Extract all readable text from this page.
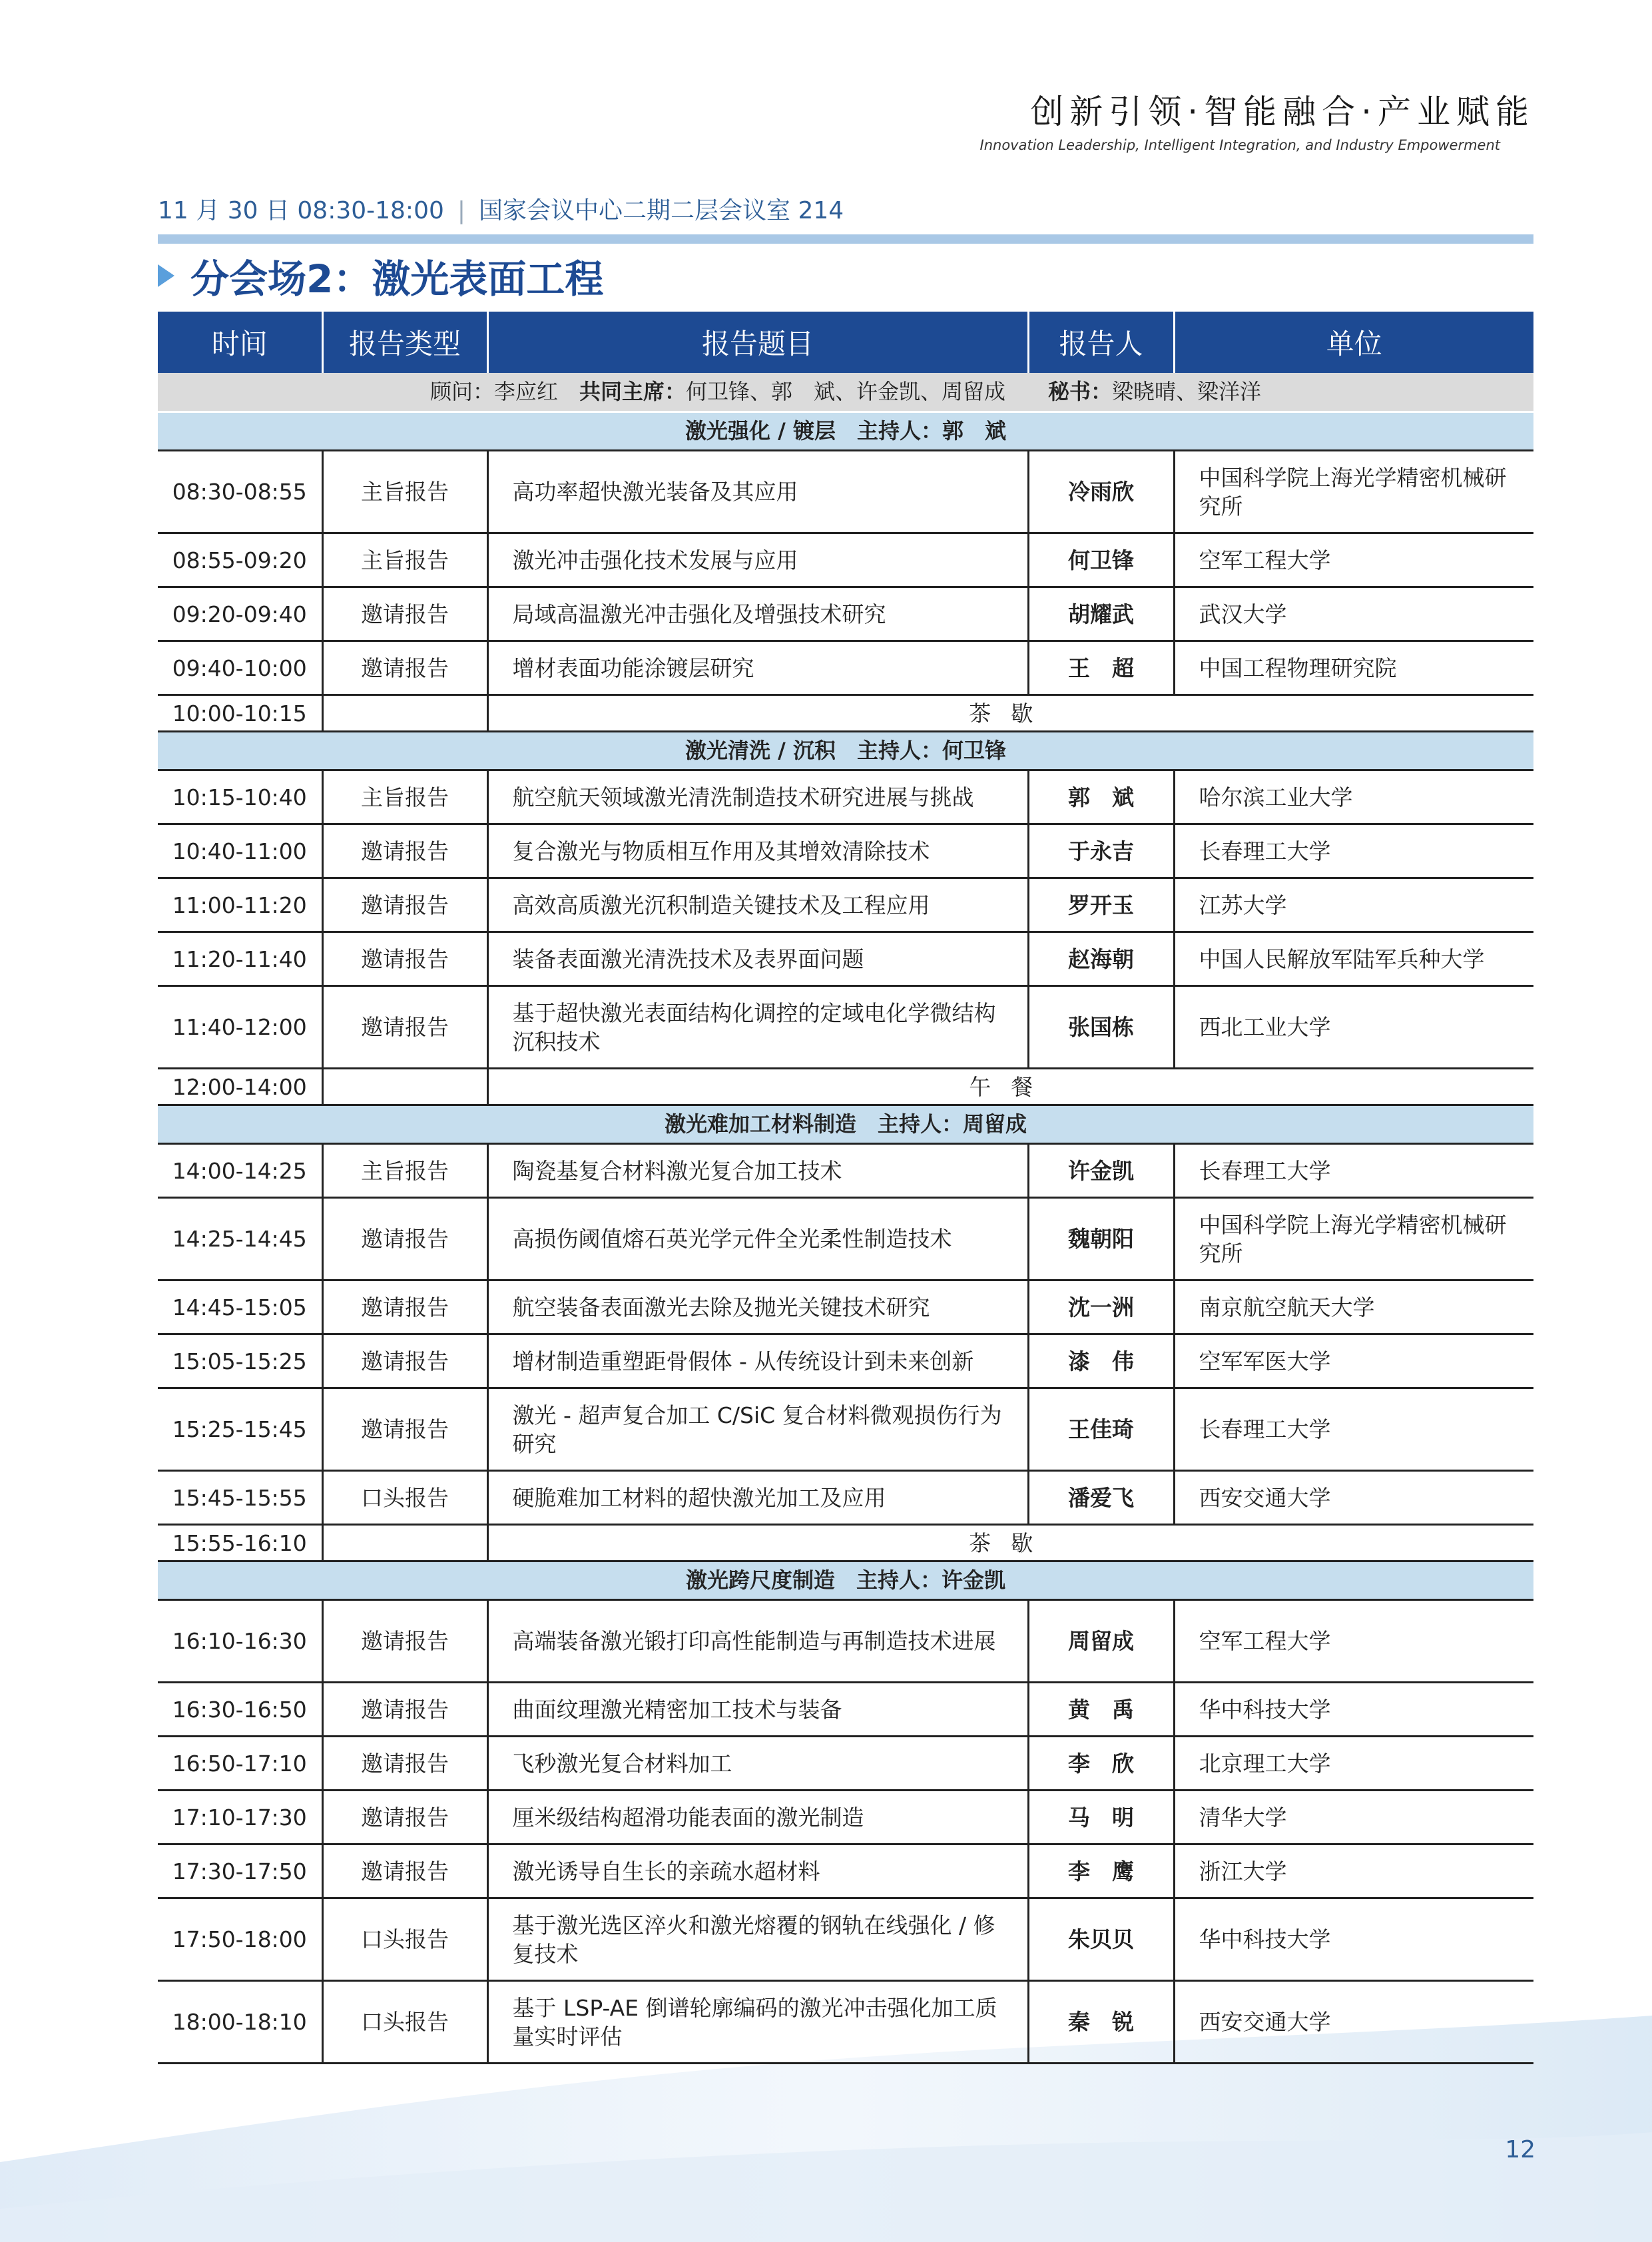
创新引领·智能融合·产业赋能
Innovation Leadership, Intelligent Integration, and Industry Empowerment
11 月 30 日 08:30-18:00 | 国家会议中心二期二层会议室 214
分会场2：激光表面工程
时间	报告类型	报告题目	报告人	单位
顾问：李应红  共同主席：何卫锋、郭　斌、许金凯、周留成   秘书：梁晓晴、梁洋洋				
激光强化 / 镀层　主持人：郭　斌				
08:30-08:55	主旨报告	高功率超快激光装备及其应用	冷雨欣	中国科学院上海光学精密机械研究所
08:55-09:20	主旨报告	激光冲击强化技术发展与应用	何卫锋	空军工程大学
09:20-09:40	邀请报告	局域高温激光冲击强化及增强技术研究	胡耀武	武汉大学
09:40-10:00	邀请报告	增材表面功能涂镀层研究	王　超	中国工程物理研究院
10:00-10:15		茶歇		
激光清洗 / 沉积　主持人：何卫锋				
10:15-10:40	主旨报告	航空航天领域激光清洗制造技术研究进展与挑战	郭　斌	哈尔滨工业大学
10:40-11:00	邀请报告	复合激光与物质相互作用及其增效清除技术	于永吉	长春理工大学
11:00-11:20	邀请报告	高效高质激光沉积制造关键技术及工程应用	罗开玉	江苏大学
11:20-11:40	邀请报告	装备表面激光清洗技术及表界面问题	赵海朝	中国人民解放军陆军兵种大学
11:40-12:00	邀请报告	基于超快激光表面结构化调控的定域电化学微结构沉积技术	张国栋	西北工业大学
12:00-14:00		午餐		
激光难加工材料制造　主持人：周留成				
14:00-14:25	主旨报告	陶瓷基复合材料激光复合加工技术	许金凯	长春理工大学
14:25-14:45	邀请报告	高损伤阈值熔石英光学元件全光柔性制造技术	魏朝阳	中国科学院上海光学精密机械研究所
14:45-15:05	邀请报告	航空装备表面激光去除及抛光关键技术研究	沈一洲	南京航空航天大学
15:05-15:25	邀请报告	增材制造重塑距骨假体 - 从传统设计到未来创新	漆　伟	空军军医大学
15:25-15:45	邀请报告	激光 - 超声复合加工 C/SiC 复合材料微观损伤行为研究	王佳琦	长春理工大学
15:45-15:55	口头报告	硬脆难加工材料的超快激光加工及应用	潘爱飞	西安交通大学
15:55-16:10		茶歇		
激光跨尺度制造　主持人：许金凯				
16:10-16:30	邀请报告	高端装备激光锻打印高性能制造与再制造技术进展	周留成	空军工程大学
16:30-16:50	邀请报告	曲面纹理激光精密加工技术与装备	黄　禹	华中科技大学
16:50-17:10	邀请报告	飞秒激光复合材料加工	李　欣	北京理工大学
17:10-17:30	邀请报告	厘米级结构超滑功能表面的激光制造	马　明	清华大学
17:30-17:50	邀请报告	激光诱导自生长的亲疏水超材料	李　鹰	浙江大学
17:50-18:00	口头报告	基于激光选区淬火和激光熔覆的钢轨在线强化 / 修复技术	朱贝贝	华中科技大学
18:00-18:10	口头报告	基于 LSP-AE 倒谱轮廓编码的激光冲击强化加工质量实时评估	秦　锐	西安交通大学
12
